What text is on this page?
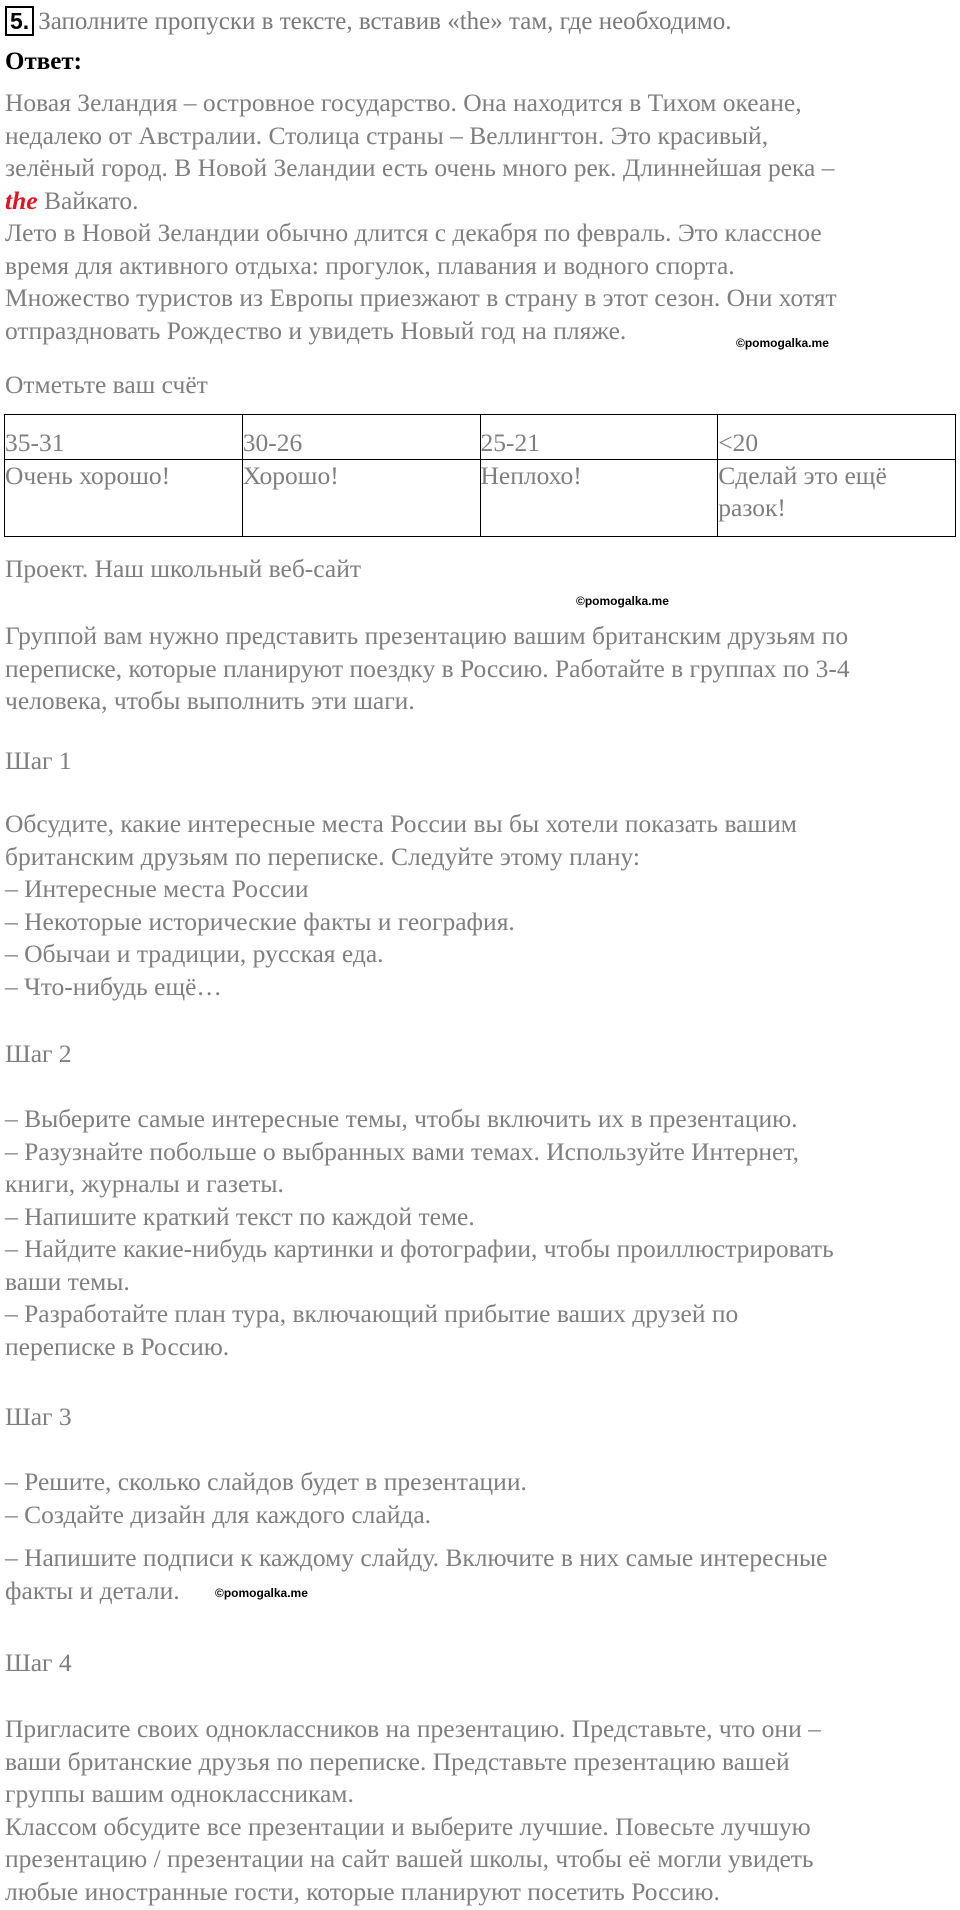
5. Заполните пропуски в тексте, вставив «the» там, где необходимо.
Ответ:
Новая Зеландия – островное государство. Она находится в Тихом океане,
недалеко от Австралии. Столица страны – Веллингтон. Это красивый,
зелёный город. В Новой Зеландии есть очень много рек. Длиннейшая река –
the Вайкато.
Лето в Новой Зеландии обычно длится с декабря по февраль. Это классное
время для активного отдыха: прогулок, плавания и водного спорта.
Множество туристов из Европы приезжают в страну в этот сезон. Они хотят
отпраздновать Рождество и увидеть Новый год на пляже.	©pomogalka.me
Отметьте ваш счёт
35-31	30-26	25-21	<20
Очень хорошо!	Хорошо!	Неплохо!	Сделай это ещё разок!
Проект. Наш школьный веб-сайт
©pomogalka.me
Группой вам нужно представить презентацию вашим британским друзьям по
переписке, которые планируют поездку в Россию. Работайте в группах по 3-4
человека, чтобы выполнить эти шаги.
Шаг 1
Обсудите, какие интересные места России вы бы хотели показать вашим
британским друзьям по переписке. Следуйте этому плану:
– Интересные места России
– Некоторые исторические факты и география.
– Обычаи и традиции, русская еда.
– Что-нибудь ещё…
Шаг 2
– Выберите самые интересные темы, чтобы включить их в презентацию.
– Разузнайте побольше о выбранных вами темах. Используйте Интернет,
книги, журналы и газеты.
– Напишите краткий текст по каждой теме.
– Найдите какие-нибудь картинки и фотографии, чтобы проиллюстрировать
ваши темы.
– Разработайте план тура, включающий прибытие ваших друзей по
переписке в Россию.
Шаг 3
– Решите, сколько слайдов будет в презентации.
– Создайте дизайн для каждого слайда.
– Напишите подписи к каждому слайду. Включите в них самые интересные
факты и детали.	©pomogalka.me
Шаг 4
Пригласите своих одноклассников на презентацию. Представьте, что они –
ваши британские друзья по переписке. Представьте презентацию вашей
группы вашим одноклассникам.
Классом обсудите все презентации и выберите лучшие. Повесьте лучшую
презентацию / презентации на сайт вашей школы, чтобы её могли увидеть
любые иностранные гости, которые планируют посетить Россию.
